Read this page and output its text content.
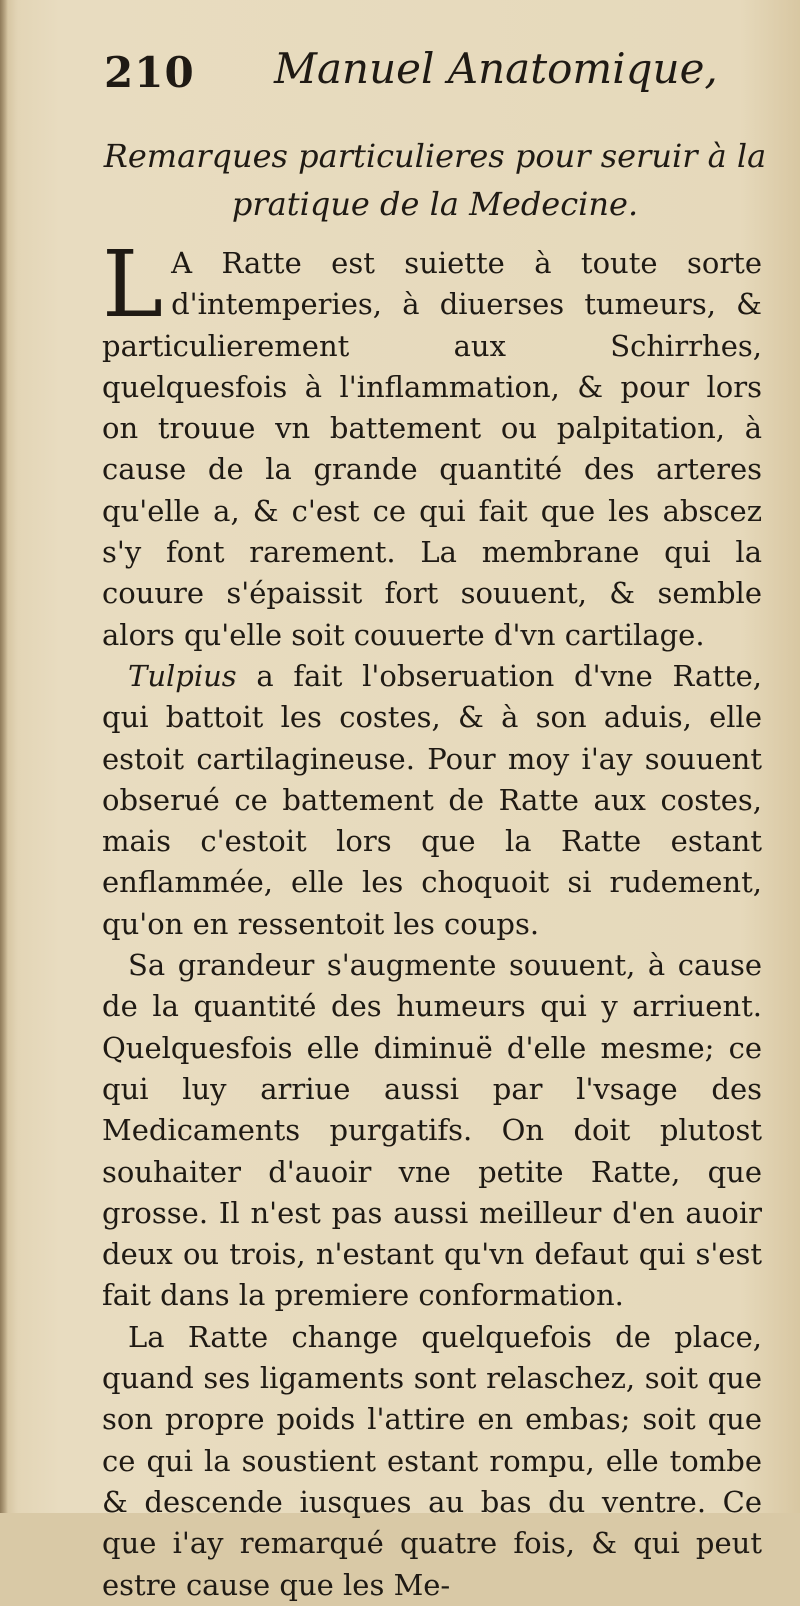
210 Manuel Anatomique,
Remarques particulieres pour seruir à la pratique de la Medecine.

L A Ratte est suiette à toute sorte d'intemperies, à diuerses tumeurs, & particulierement aux Schirrhes, quelquesfois à l'inflammation, & pour lors on trouue vn battement ou palpitation, à cause de la grande quantité des arteres qu'elle a, & c'est ce qui fait que les abscez s'y font rarement. La membrane qui la couure s'épaissit fort souuent, & semble alors qu'elle soit couuerte d'vn cartilage.

Tulpius a fait l'obseruation d'vne Ratte, qui battoit les costes, & à son aduis, elle estoit cartilagineuse. Pour moy i'ay souuent obserué ce battement de Ratte aux costes, mais c'estoit lors que la Ratte estant enflammée, elle les choquoit si rudement, qu'on en ressentoit les coups.

Sa grandeur s'augmente souuent, à cause de la quantité des humeurs qui y arriuent. Quelquesfois elle diminuë d'elle mesme; ce qui luy arriue aussi par l'vsage des Medicaments purgatifs. On doit plutost souhaiter d'auoir vne petite Ratte, que grosse. Il n'est pas aussi meilleur d'en auoir deux ou trois, n'estant qu'vn defaut qui s'est fait dans la premiere conformation.

La Ratte change quelquefois de place, quand ses ligaments sont relaschez, soit que son propre poids l'attire en embas; soit que ce qui la soustient estant rompu, elle tombe & descende iusques au bas du ventre. Ce que i'ay remarqué quatre fois, & qui peut estre cause que les Me-
